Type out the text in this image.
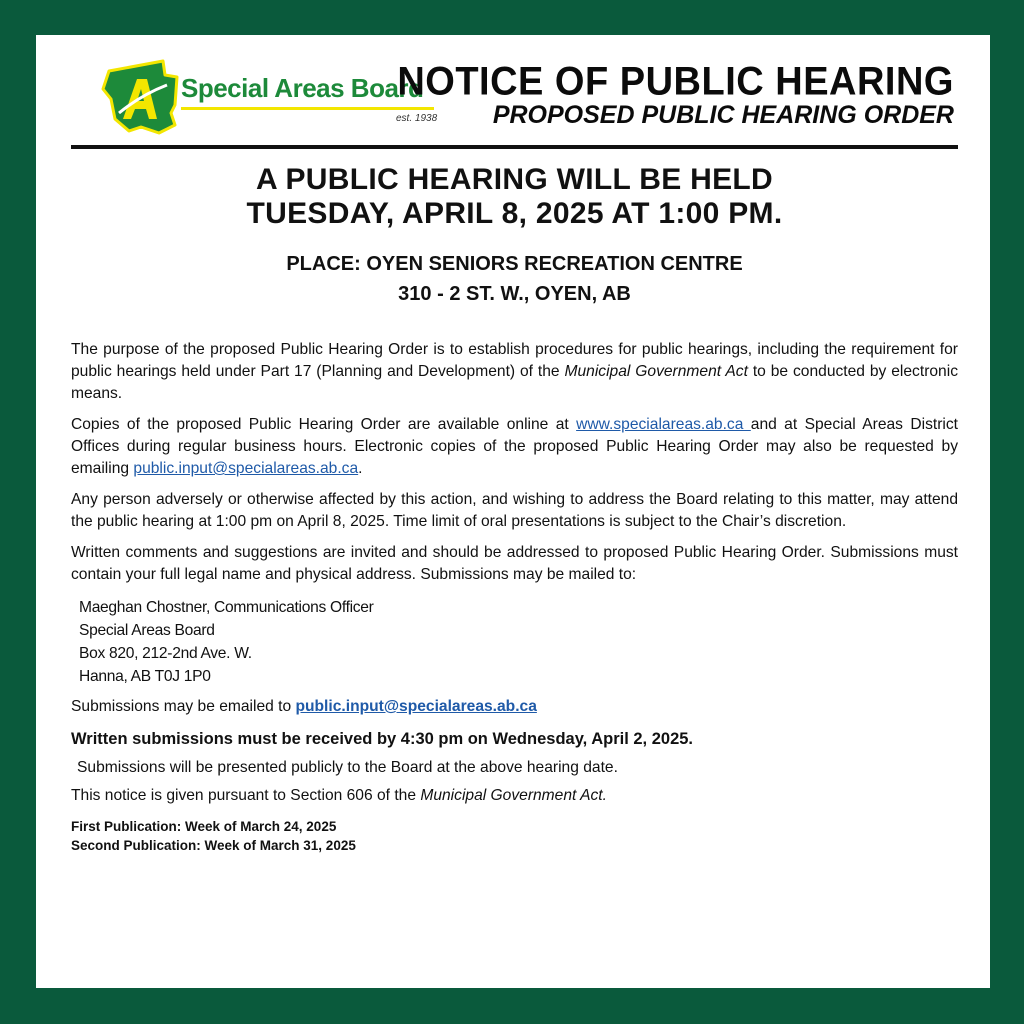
Special Areas Board
est. 1938
NOTICE OF PUBLIC HEARING
PROPOSED PUBLIC HEARING ORDER
A PUBLIC HEARING WILL BE HELD
TUESDAY, APRIL 8, 2025 AT 1:00 PM.
PLACE: OYEN SENIORS RECREATION CENTRE
310 - 2 ST. W., OYEN, AB

The purpose of the proposed Public Hearing Order is to establish procedures for public hearings, including the requirement for public hearings held under Part 17 (Planning and Development) of the Municipal Government Act to be conducted by electronic means.

Copies of the proposed Public Hearing Order are available online at www.specialareas.ab.ca and at Special Areas District Offices during regular business hours. Electronic copies of the proposed Public Hearing Order may also be requested by emailing public.input@specialareas.ab.ca.

Any person adversely or otherwise affected by this action, and wishing to address the Board relating to this matter, may attend the public hearing at 1:00 pm on April 8, 2025. Time limit of oral presentations is subject to the Chair’s discretion.

Written comments and suggestions are invited and should be addressed to proposed Public Hearing Order. Submissions must contain your full legal name and physical address. Submissions may be mailed to:

Maeghan Chostner, Communications Officer
Special Areas Board
Box 820, 212-2nd Ave. W.
Hanna, AB T0J 1P0
Submissions may be emailed to public.input@specialareas.ab.ca
Written submissions must be received by 4:30 pm on Wednesday, April 2, 2025.
Submissions will be presented publicly to the Board at the above hearing date.
This notice is given pursuant to Section 606 of the Municipal Government Act.
First Publication: Week of March 24, 2025
Second Publication: Week of March 31, 2025
